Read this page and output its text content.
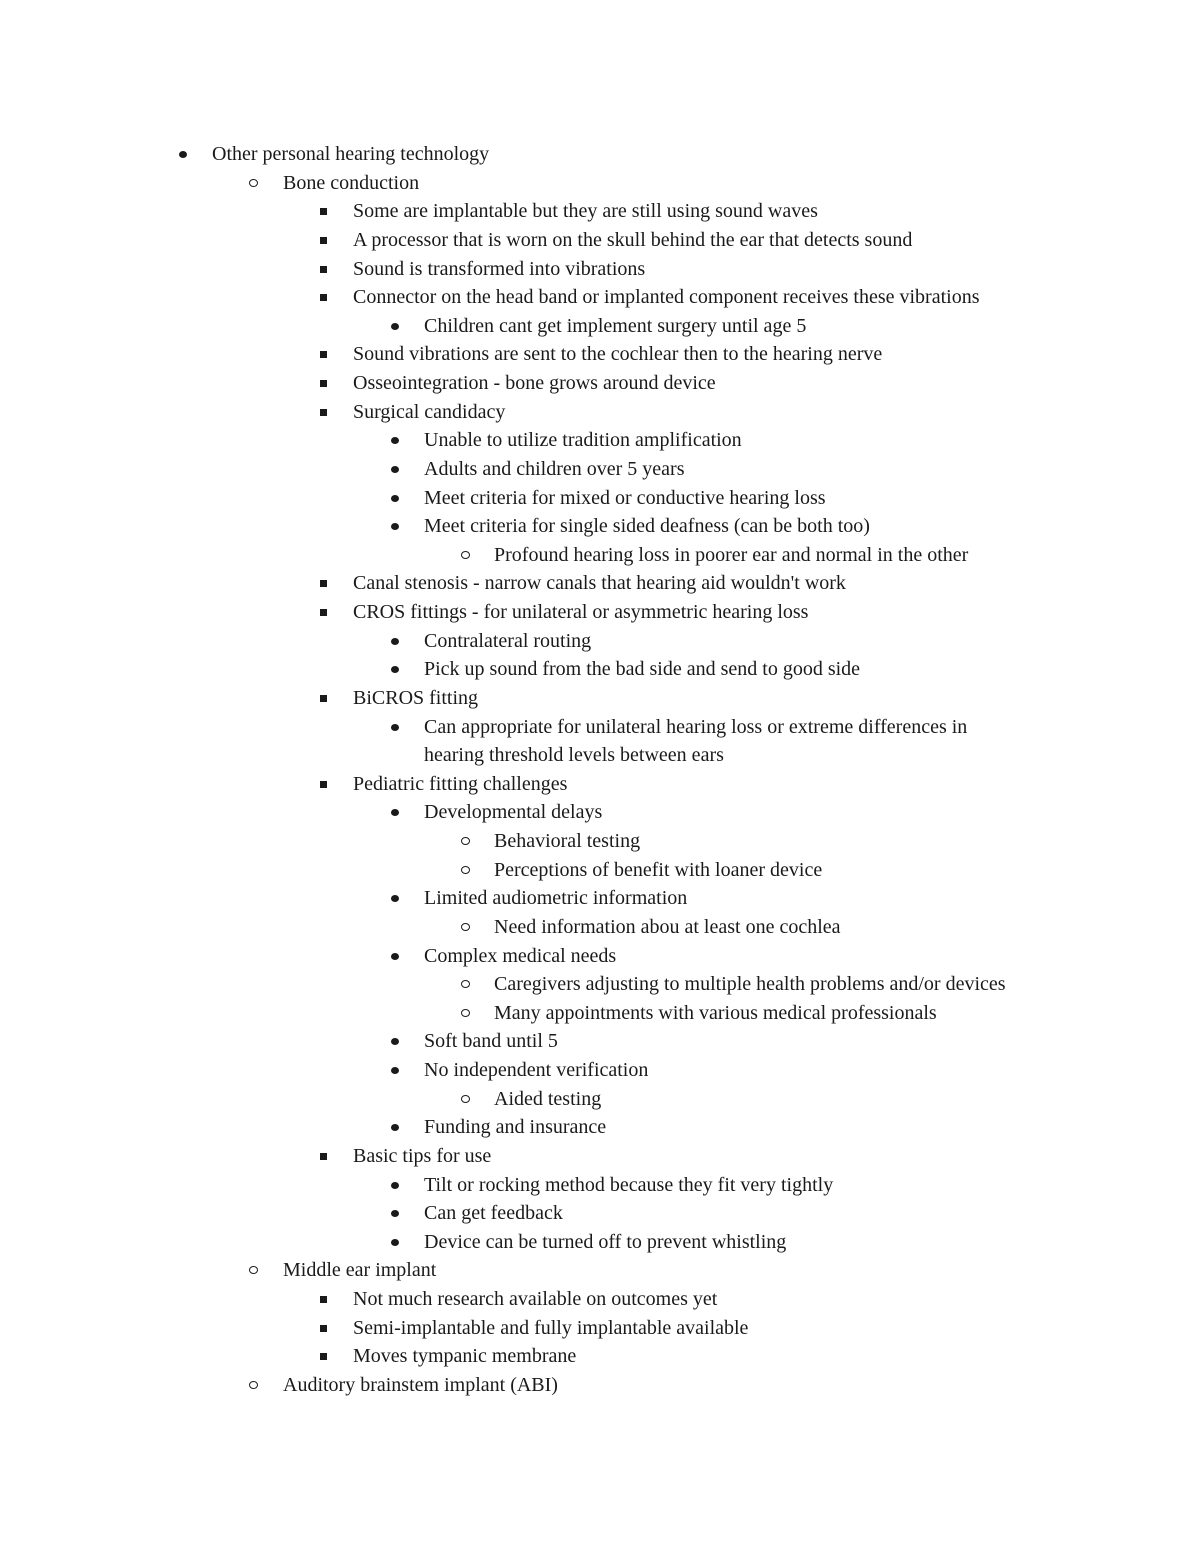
Other personal hearing technology
Bone conduction
Some are implantable but they are still using sound waves
A processor that is worn on the skull behind the ear that detects sound
Sound is transformed into vibrations
Connector on the head band or implanted component receives these vibrations
Children cant get implement surgery until age 5
Sound vibrations are sent to the cochlear then to the hearing nerve
Osseointegration - bone grows around device
Surgical candidacy
Unable to utilize tradition amplification
Adults and children over 5 years
Meet criteria for mixed or conductive hearing loss
Meet criteria for single sided deafness (can be both too)
Profound hearing loss in poorer ear and normal in the other
Canal stenosis - narrow canals that hearing aid wouldn't work
CROS fittings - for unilateral or asymmetric hearing loss
Contralateral routing
Pick up sound from the bad side and send to good side
BiCROS fitting
Can appropriate for unilateral hearing loss or extreme differences in
hearing threshold levels between ears
Pediatric fitting challenges
Developmental delays
Behavioral testing
Perceptions of benefit with loaner device
Limited audiometric information
Need information abou at least one cochlea
Complex medical needs
Caregivers adjusting to multiple health problems and/or devices
Many appointments with various medical professionals
Soft band until 5
No independent verification
Aided testing
Funding and insurance
Basic tips for use
Tilt or rocking method because they fit very tightly
Can get feedback
Device can be turned off to prevent whistling
Middle ear implant
Not much research available on outcomes yet
Semi-implantable and fully implantable available
Moves tympanic membrane
Auditory brainstem implant (ABI)
